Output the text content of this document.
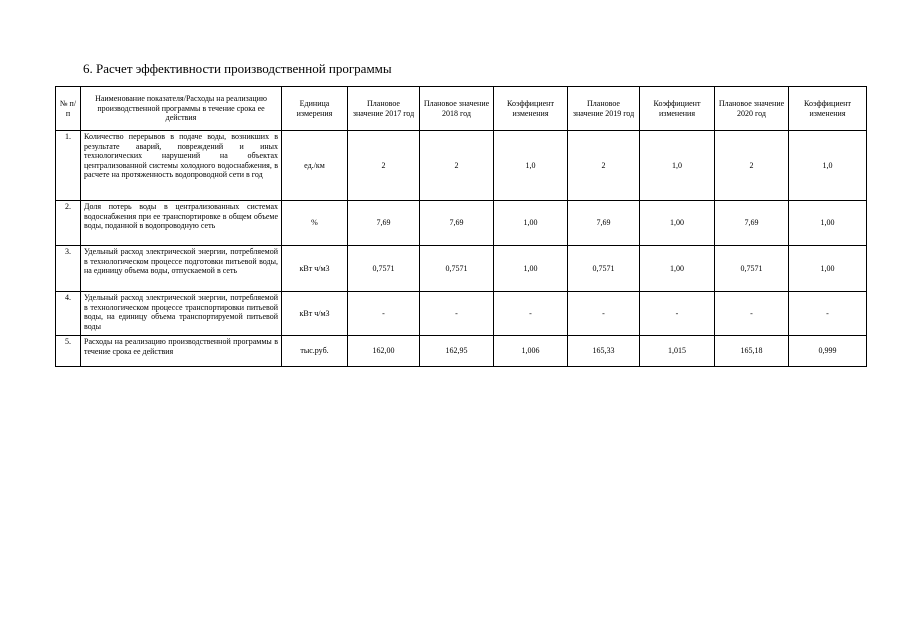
6. Расчет эффективности производственной программы
№ п/п	Наименование показателя/Расходы на реализацию производственной программы в течение срока ее действия	Единица измерения	Плановое значение 2017 год	Плановое значение 2018 год	Коэффициент изменения	Плановое значение 2019 год	Коэффициент изменения	Плановое значение 2020 год	Коэффициент изменения
1.	Количество перерывов в подаче воды, возникших в результате аварий, повреждений и иных технологических нарушений на объектах централизованной системы холодного водоснабжения, в расчете на протяженность водопроводной сети в год	ед./км	2	2	1,0	2	1,0	2	1,0
2.	Доля потерь воды в централизованных системах водоснабжения при ее транспортировке в общем объеме воды, поданной в водопроводную сеть	%	7,69	7,69	1,00	7,69	1,00	7,69	1,00
3.	Удельный расход электрической энергии, потребляемой в технологическом процессе подготовки питьевой воды, на единицу объема воды, отпускаемой в сеть	кВт ч/м3	0,7571	0,7571	1,00	0,7571	1,00	0,7571	1,00
4.	Удельный расход электрической энергии, потребляемой в технологическом процессе транспортировки питьевой воды, на единицу объема транспортируемой питьевой воды	кВт ч/м3	-	-	-	-	-	-	-
5.	Расходы на реализацию производственной программы в течение срока ее действия	тыс.руб.	162,00	162,95	1,006	165,33	1,015	165,18	0,999
